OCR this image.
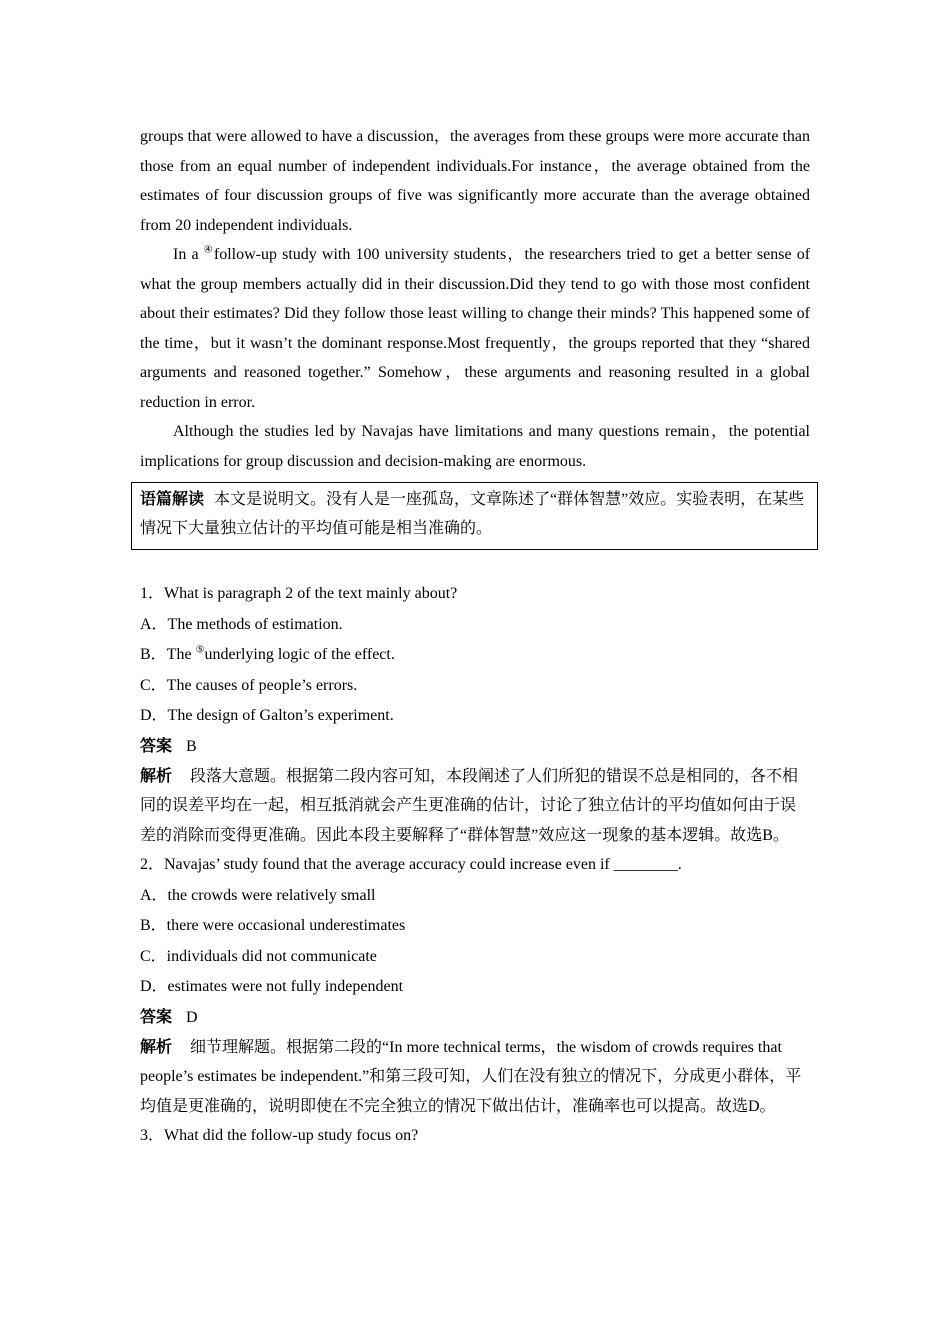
groups that were allowed to have a discussion，the averages from these groups were more accurate than those from an equal number of independent individuals.For instance，the average obtained from the estimates of four discussion groups of five was significantly more accurate than the average obtained from 20 independent individuals.

In a ④follow-up study with 100 university students，the researchers tried to get a better sense of what the group members actually did in their discussion.Did they tend to go with those most confident about their estimates? Did they follow those least willing to change their minds? This happened some of the time，but it wasn’t the dominant response.Most frequently，the groups reported that they “shared arguments and reasoned together.” Somehow，these arguments and reasoning resulted in a global reduction in error.

Although the studies led by Navajas have limitations and many questions remain，the potential implications for group discussion and decision-making are enormous.

语篇解读 本文是说明文。没有人是一座孤岛，文章陈述了“群体智慧”效应。实验表明，在某些情况下大量独立估计的平均值可能是相当准确的。

1．What is paragraph 2 of the text mainly about?

A．The methods of estimation.

B．The ⑤underlying logic of the effect.

C．The causes of people’s errors.

D．The design of Galton’s experiment.

答案 B

解析 段落大意题。根据第二段内容可知，本段阐述了人们所犯的错误不总是相同的，各不相同的误差平均在一起，相互抵消就会产生更准确的估计，讨论了独立估计的平均值如何由于误差的消除而变得更准确。因此本段主要解释了“群体智慧”效应这一现象的基本逻辑。故选B。

2．Navajas’ study found that the average accuracy could increase even if ________.

A．the crowds were relatively small

B．there were occasional underestimates

C．individuals did not communicate

D．estimates were not fully independent

答案 D

解析 细节理解题。根据第二段的“In more technical terms，the wisdom of crowds requires that people’s estimates be independent.”和第三段可知，人们在没有独立的情况下，分成更小群体，平均值是更准确的，说明即使在不完全独立的情况下做出估计，准确率也可以提高。故选D。

3．What did the follow-up study focus on?
